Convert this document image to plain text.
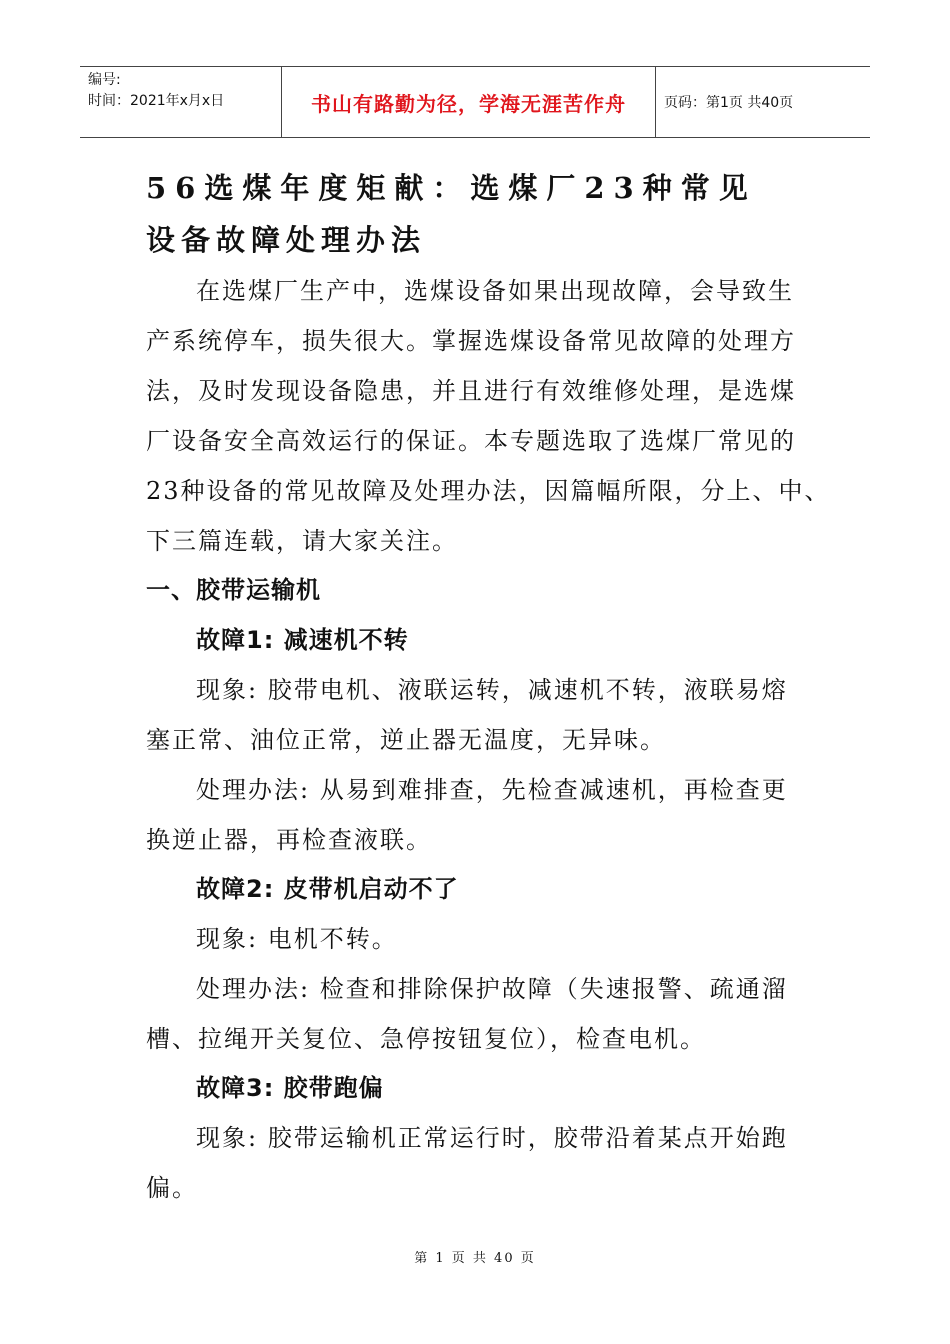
编号:
时间：2021年x月x日	书山有路勤为径，学海无涯苦作舟	页码：第1页 共40页
56选煤年度矩献：选煤厂23种常见
设备故障处理办法
在选煤厂生产中，选煤设备如果出现故障，会导致生
产系统停车，损失很大。掌握选煤设备常见故障的处理方
法，及时发现设备隐患，并且进行有效维修处理，是选煤
厂设备安全高效运行的保证。本专题选取了选煤厂常见的
23种设备的常见故障及处理办法，因篇幅所限，分上、中、
下三篇连载，请大家关注。
一、胶带运输机
故障1: 减速机不转
现象: 胶带电机、液联运转，减速机不转，液联易熔
塞正常、油位正常，逆止器无温度，无异味。
处理办法: 从易到难排查，先检查减速机，再检查更
换逆止器，再检查液联。
故障2: 皮带机启动不了
现象: 电机不转。
处理办法: 检查和排除保护故障（失速报警、疏通溜
槽、拉绳开关复位、急停按钮复位），检查电机。
故障3: 胶带跑偏
现象: 胶带运输机正常运行时，胶带沿着某点开始跑
偏。
第 1 页 共 40 页
